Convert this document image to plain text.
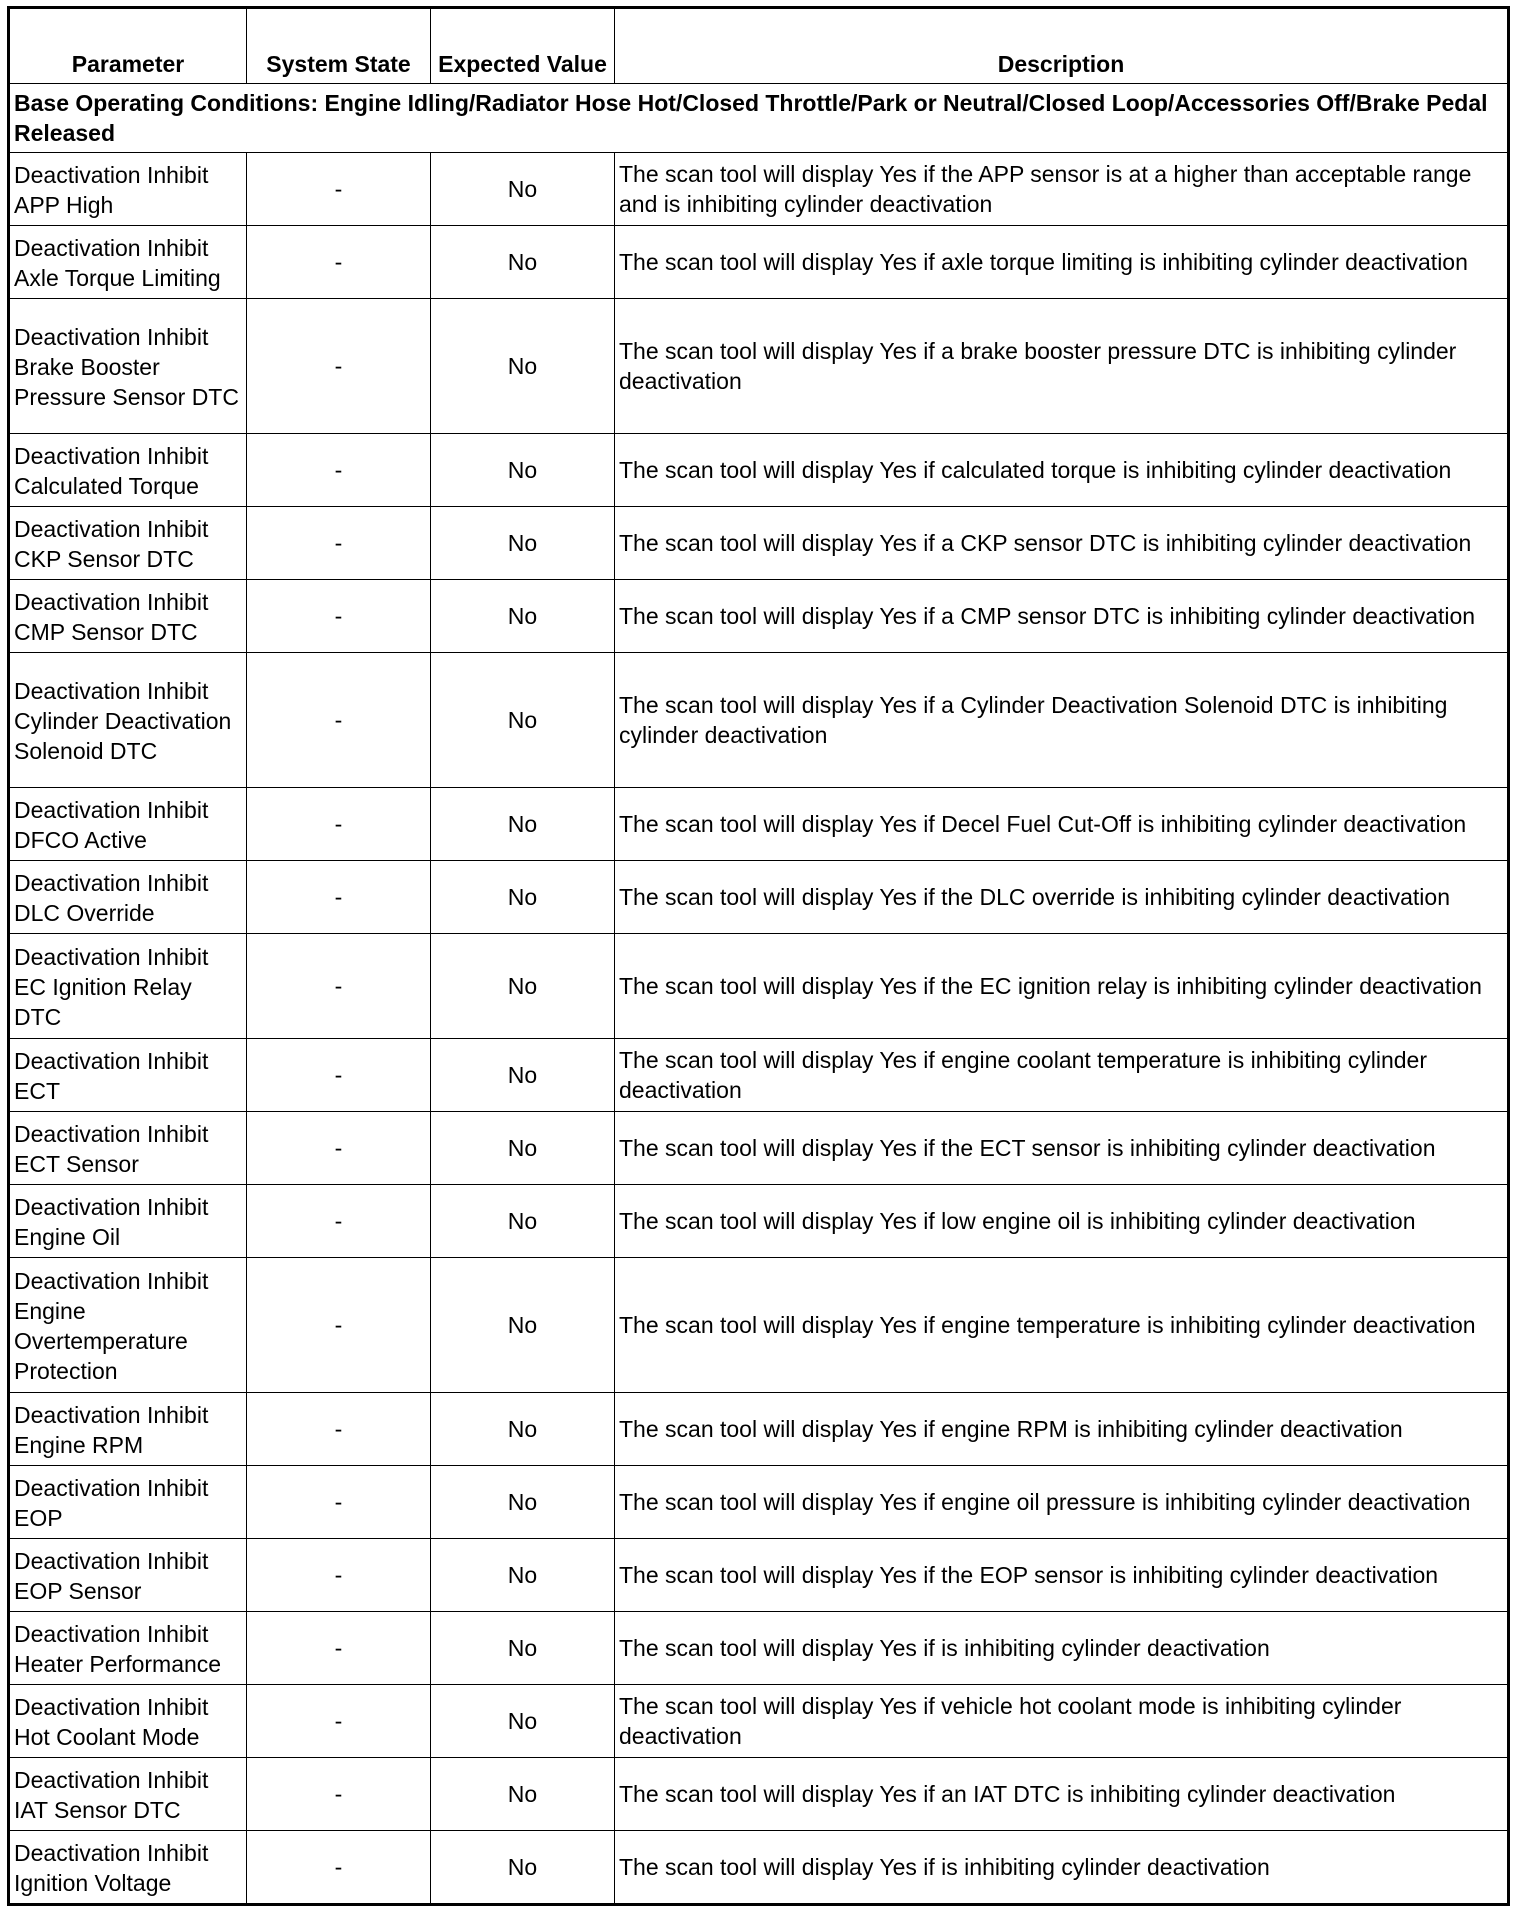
Parameter	System State	Expected Value	Description
Base Operating Conditions: Engine Idling/Radiator Hose Hot/Closed Throttle/Park or Neutral/Closed Loop/Accessories Off/Brake Pedal Released			
Deactivation Inhibit APP High	-	No	The scan tool will display Yes if the APP sensor is at a higher than acceptable range and is inhibiting cylinder deactivation
Deactivation Inhibit Axle Torque Limiting	-	No	The scan tool will display Yes if axle torque limiting is inhibiting cylinder deactivation
Deactivation Inhibit Brake Booster Pressure Sensor DTC	-	No	The scan tool will display Yes if a brake booster pressure DTC is inhibiting cylinder deactivation
Deactivation Inhibit Calculated Torque	-	No	The scan tool will display Yes if calculated torque is inhibiting cylinder deactivation
Deactivation Inhibit CKP Sensor DTC	-	No	The scan tool will display Yes if a CKP sensor DTC is inhibiting cylinder deactivation
Deactivation Inhibit CMP Sensor DTC	-	No	The scan tool will display Yes if a CMP sensor DTC is inhibiting cylinder deactivation
Deactivation Inhibit Cylinder Deactivation Solenoid DTC	-	No	The scan tool will display Yes if a Cylinder Deactivation Solenoid DTC is inhibiting cylinder deactivation
Deactivation Inhibit DFCO Active	-	No	The scan tool will display Yes if Decel Fuel Cut-Off is inhibiting cylinder deactivation
Deactivation Inhibit DLC Override	-	No	The scan tool will display Yes if the DLC override is inhibiting cylinder deactivation
Deactivation Inhibit EC Ignition Relay DTC	-	No	The scan tool will display Yes if the EC ignition relay is inhibiting cylinder deactivation
Deactivation Inhibit ECT	-	No	The scan tool will display Yes if engine coolant temperature is inhibiting cylinder deactivation
Deactivation Inhibit ECT Sensor	-	No	The scan tool will display Yes if the ECT sensor is inhibiting cylinder deactivation
Deactivation Inhibit Engine Oil	-	No	The scan tool will display Yes if low engine oil is inhibiting cylinder deactivation
Deactivation Inhibit Engine Overtemperature Protection	-	No	The scan tool will display Yes if engine temperature is inhibiting cylinder deactivation
Deactivation Inhibit Engine RPM	-	No	The scan tool will display Yes if engine RPM is inhibiting cylinder deactivation
Deactivation Inhibit EOP	-	No	The scan tool will display Yes if engine oil pressure is inhibiting cylinder deactivation
Deactivation Inhibit EOP Sensor	-	No	The scan tool will display Yes if the EOP sensor is inhibiting cylinder deactivation
Deactivation Inhibit Heater Performance	-	No	The scan tool will display Yes if is inhibiting cylinder deactivation
Deactivation Inhibit Hot Coolant Mode	-	No	The scan tool will display Yes if vehicle hot coolant mode is inhibiting cylinder deactivation
Deactivation Inhibit IAT Sensor DTC	-	No	The scan tool will display Yes if an IAT DTC is inhibiting cylinder deactivation
Deactivation Inhibit Ignition Voltage	-	No	The scan tool will display Yes if is inhibiting cylinder deactivation
